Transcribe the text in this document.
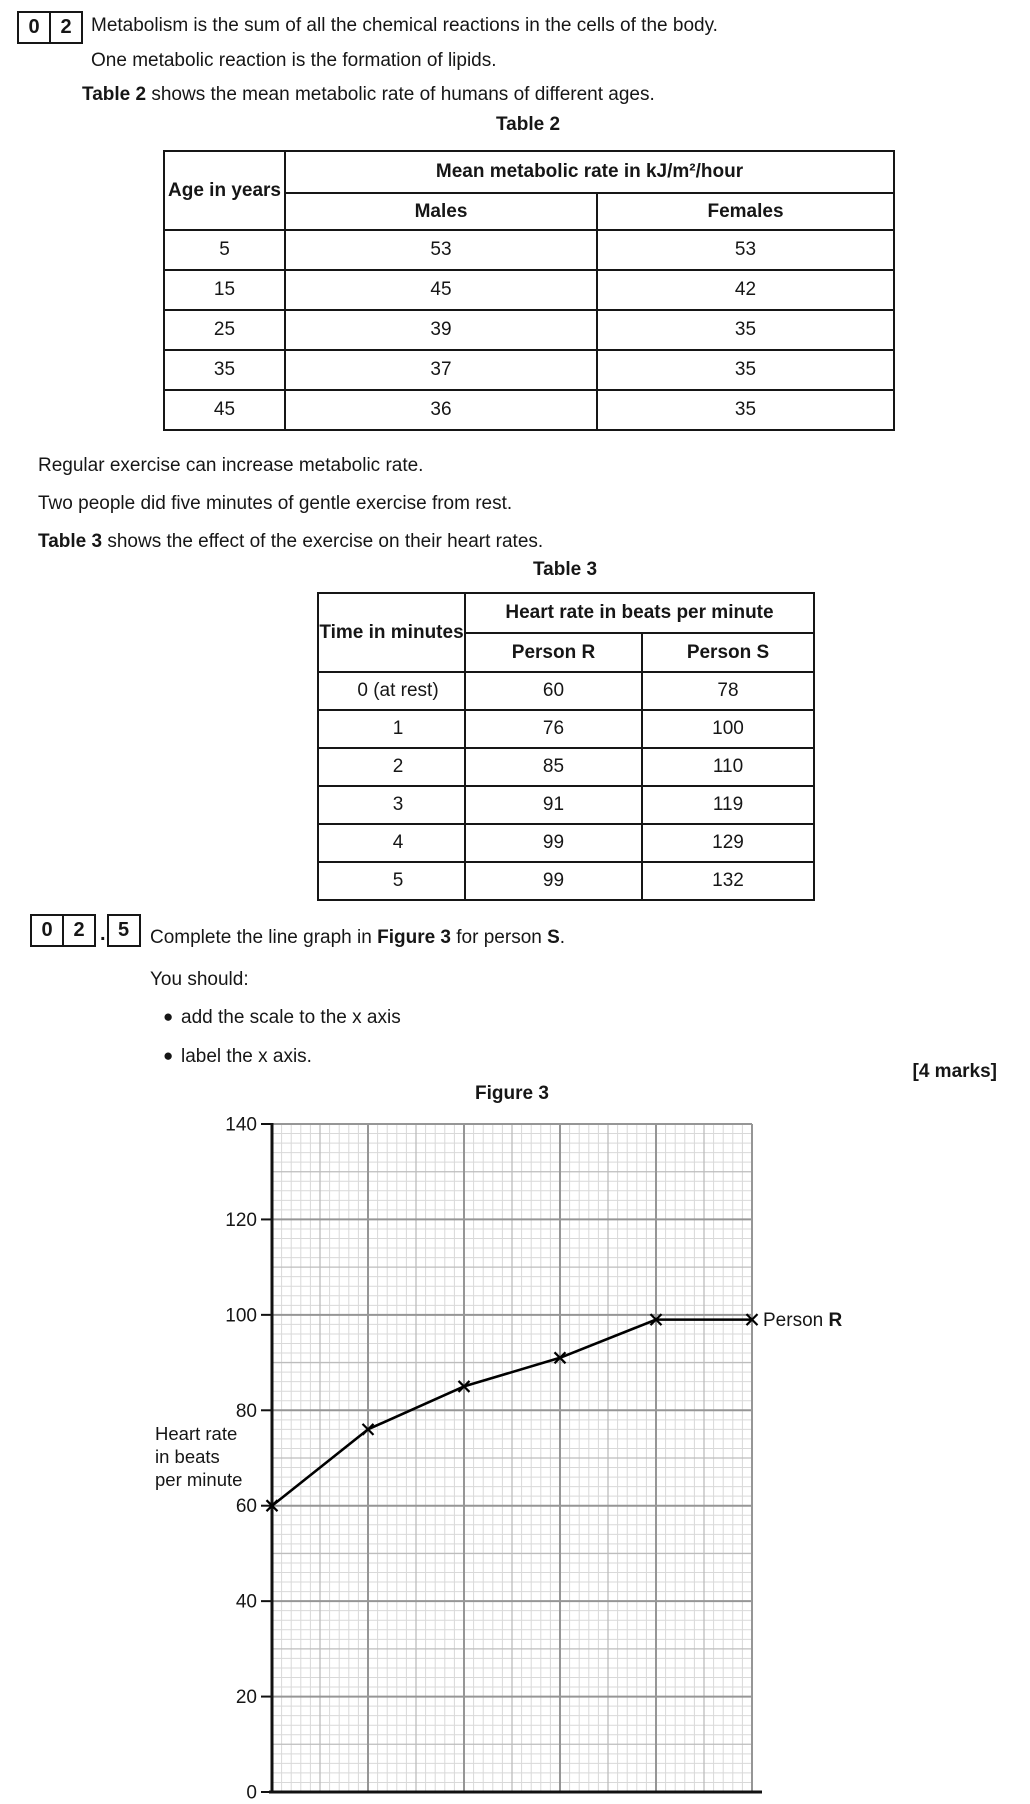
0	2	Metabolism is the sum of all the chemical reactions in the cells of the body.
One metabolic reaction is the formation of lipids.
Table 2 shows the mean metabolic rate of humans of different ages.
Table 2
Age in years	Mean metabolic rate in kJ/m²/hour	
	Males	Females
5	53	53
15	45	42
25	39	35
35	37	35
45	36	35
Regular exercise can increase metabolic rate.
Two people did five minutes of gentle exercise from rest.
Table 3 shows the effect of the exercise on their heart rates.
Table 3
Time in minutes	Heart rate in beats per minute	
	Person R	Person S
0 (at rest)	60	78
1	76	100
2	85	110
3	91	119
4	99	129
5	99	132
0	2 . 5	Complete the line graph in Figure 3 for person S.
You should:
● add the scale to the x axis
● label the x axis.
[4 marks]
Figure 3
Heart rate
in beats
per minute
0
20
40
60
80
100
120
140
Person R
